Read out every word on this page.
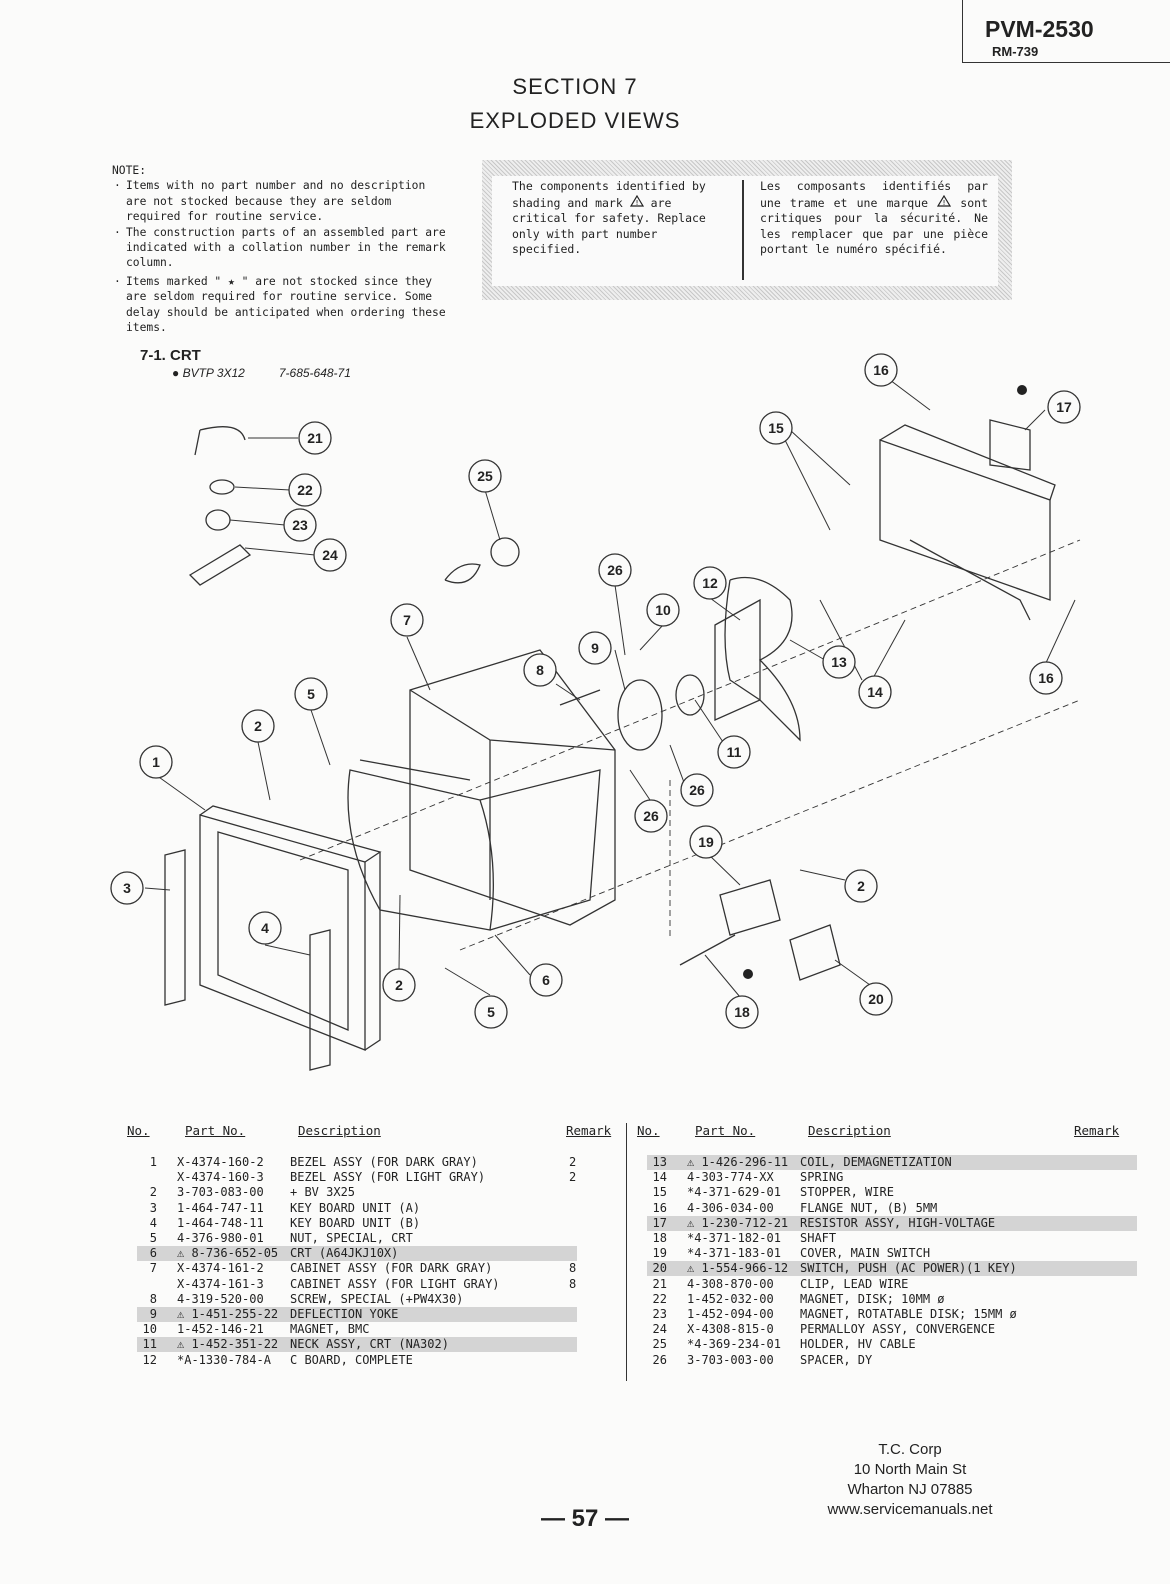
PVM-2530
RM-739
SECTION 7
EXPLODED VIEWS
NOTE:
· Items with no part number and no description are not stocked because they are seldom required for routine service.
· The construction parts of an assembled part are indicated with a collation number in the remark column.
· Items marked " ★ " are not stocked since they are seldom required for routine service. Some delay should be anticipated when ordering these items.
The components identified by shading and mark ! are critical for safety. Replace only with part number specified.
Les composants identifiés par une trame et une marque ! sont critiques pour la sécurité. Ne les remplacer que par une pièce portant le numéro spécifié.
7-1. CRT
● BVTP 3X12	7-685-648-71
21
22
23
24
25
26
7
5
2
1
3
4
2
5
6
8
9
10
12
13
14
15
16
17
16
11
26
26
19
2
18
20
No.	Part No.	Description	Remark No.	Part No.	Description	Remark
1 X-4374-160-2 BEZEL ASSY (FOR DARK GRAY)	2
X-4374-160-3 BEZEL ASSY (FOR LIGHT GRAY)	2
2 3-703-083-00 + BV 3X25
3 1-464-747-11 KEY BOARD UNIT (A)
4 1-464-748-11 KEY BOARD UNIT (B)
5 4-376-980-01 NUT, SPECIAL, CRT
6 ⚠ 8-736-652-05 CRT (A64JKJ10X)
7 X-4374-161-2 CABINET ASSY (FOR DARK GRAY)	8
X-4374-161-3 CABINET ASSY (FOR LIGHT GRAY)	8
8 4-319-520-00 SCREW, SPECIAL (+PW4X30)
9 ⚠ 1-451-255-22 DEFLECTION YOKE
10 1-452-146-21 MAGNET, BMC
11 ⚠ 1-452-351-22 NECK ASSY, CRT (NA302)
12 *A-1330-784-A C BOARD, COMPLETE
13 ⚠ 1-426-296-11 COIL, DEMAGNETIZATION
14 4-303-774-XX SPRING
15 *4-371-629-01 STOPPER, WIRE
16 4-306-034-00 FLANGE NUT, (B) 5MM
17 ⚠ 1-230-712-21 RESISTOR ASSY, HIGH-VOLTAGE
18 *4-371-182-01 SHAFT
19 *4-371-183-01 COVER, MAIN SWITCH
20 ⚠ 1-554-966-12 SWITCH, PUSH (AC POWER)(1 KEY)
21 4-308-870-00 CLIP, LEAD WIRE
22 1-452-032-00 MAGNET, DISK; 10MM ø
23 1-452-094-00 MAGNET, ROTATABLE DISK; 15MM ø
24 X-4308-815-0 PERMALLOY ASSY, CONVERGENCE
25 *4-369-234-01 HOLDER, HV CABLE
26 3-703-003-00 SPACER, DY
T.C. Corp
10 North Main St
Wharton NJ 07885
www.servicemanuals.net
— 57 —
